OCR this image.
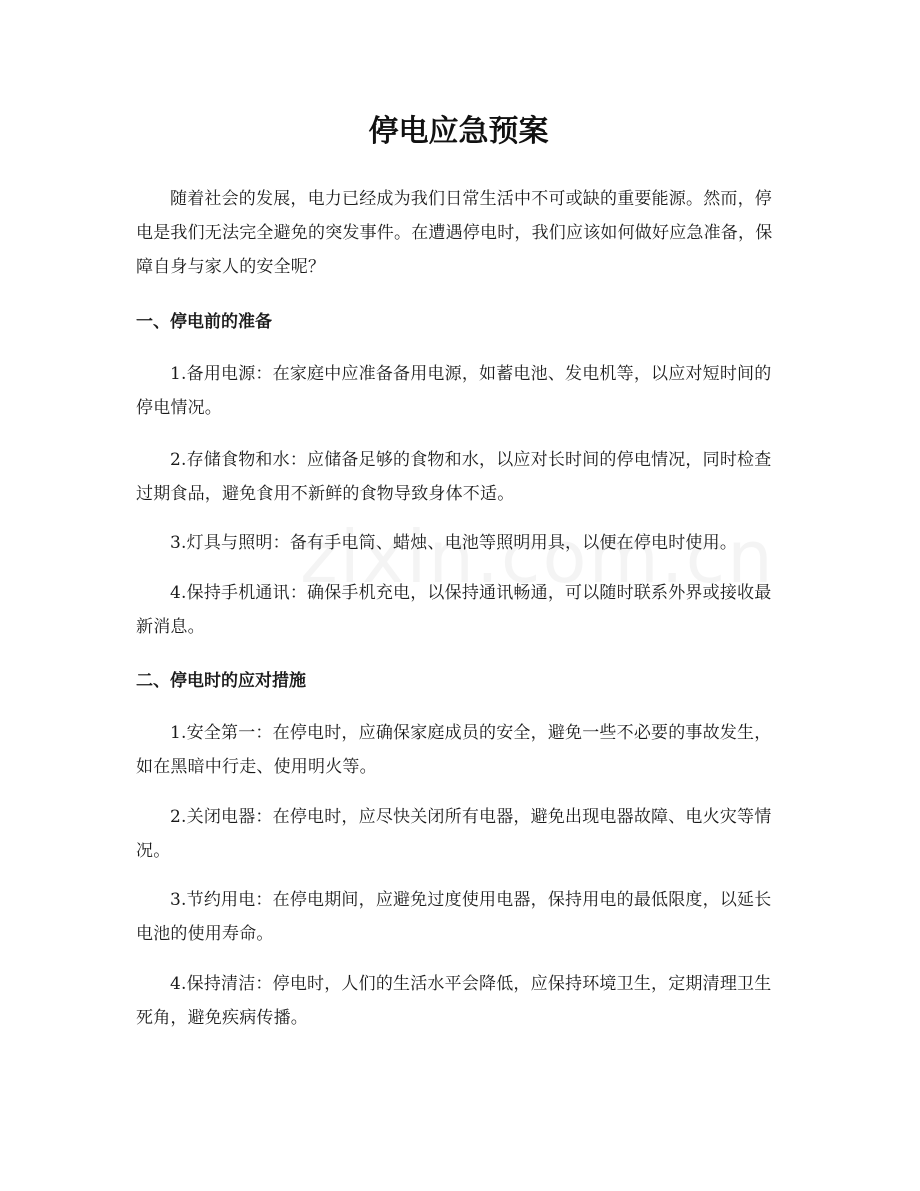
停电应急预案

随着社会的发展，电力已经成为我们日常生活中不可或缺的重要能源。然而，停电是我们无法完全避免的突发事件。在遭遇停电时，我们应该如何做好应急准备，保障自身与家人的安全呢？

一、停电前的准备

1.备用电源：在家庭中应准备备用电源，如蓄电池、发电机等，以应对短时间的停电情况。

2.存储食物和水：应储备足够的食物和水，以应对长时间的停电情况，同时检查过期食品，避免食用不新鲜的食物导致身体不适。

3.灯具与照明：备有手电筒、蜡烛、电池等照明用具，以便在停电时使用。

4.保持手机通讯：确保手机充电，以保持通讯畅通，可以随时联系外界或接收最新消息。

二、停电时的应对措施

1.安全第一：在停电时，应确保家庭成员的安全，避免一些不必要的事故发生，如在黑暗中行走、使用明火等。

2.关闭电器：在停电时，应尽快关闭所有电器，避免出现电器故障、电火灾等情况。

3.节约用电：在停电期间，应避免过度使用电器，保持用电的最低限度，以延长电池的使用寿命。

4.保持清洁：停电时，人们的生活水平会降低，应保持环境卫生，定期清理卫生死角，避免疾病传播。
